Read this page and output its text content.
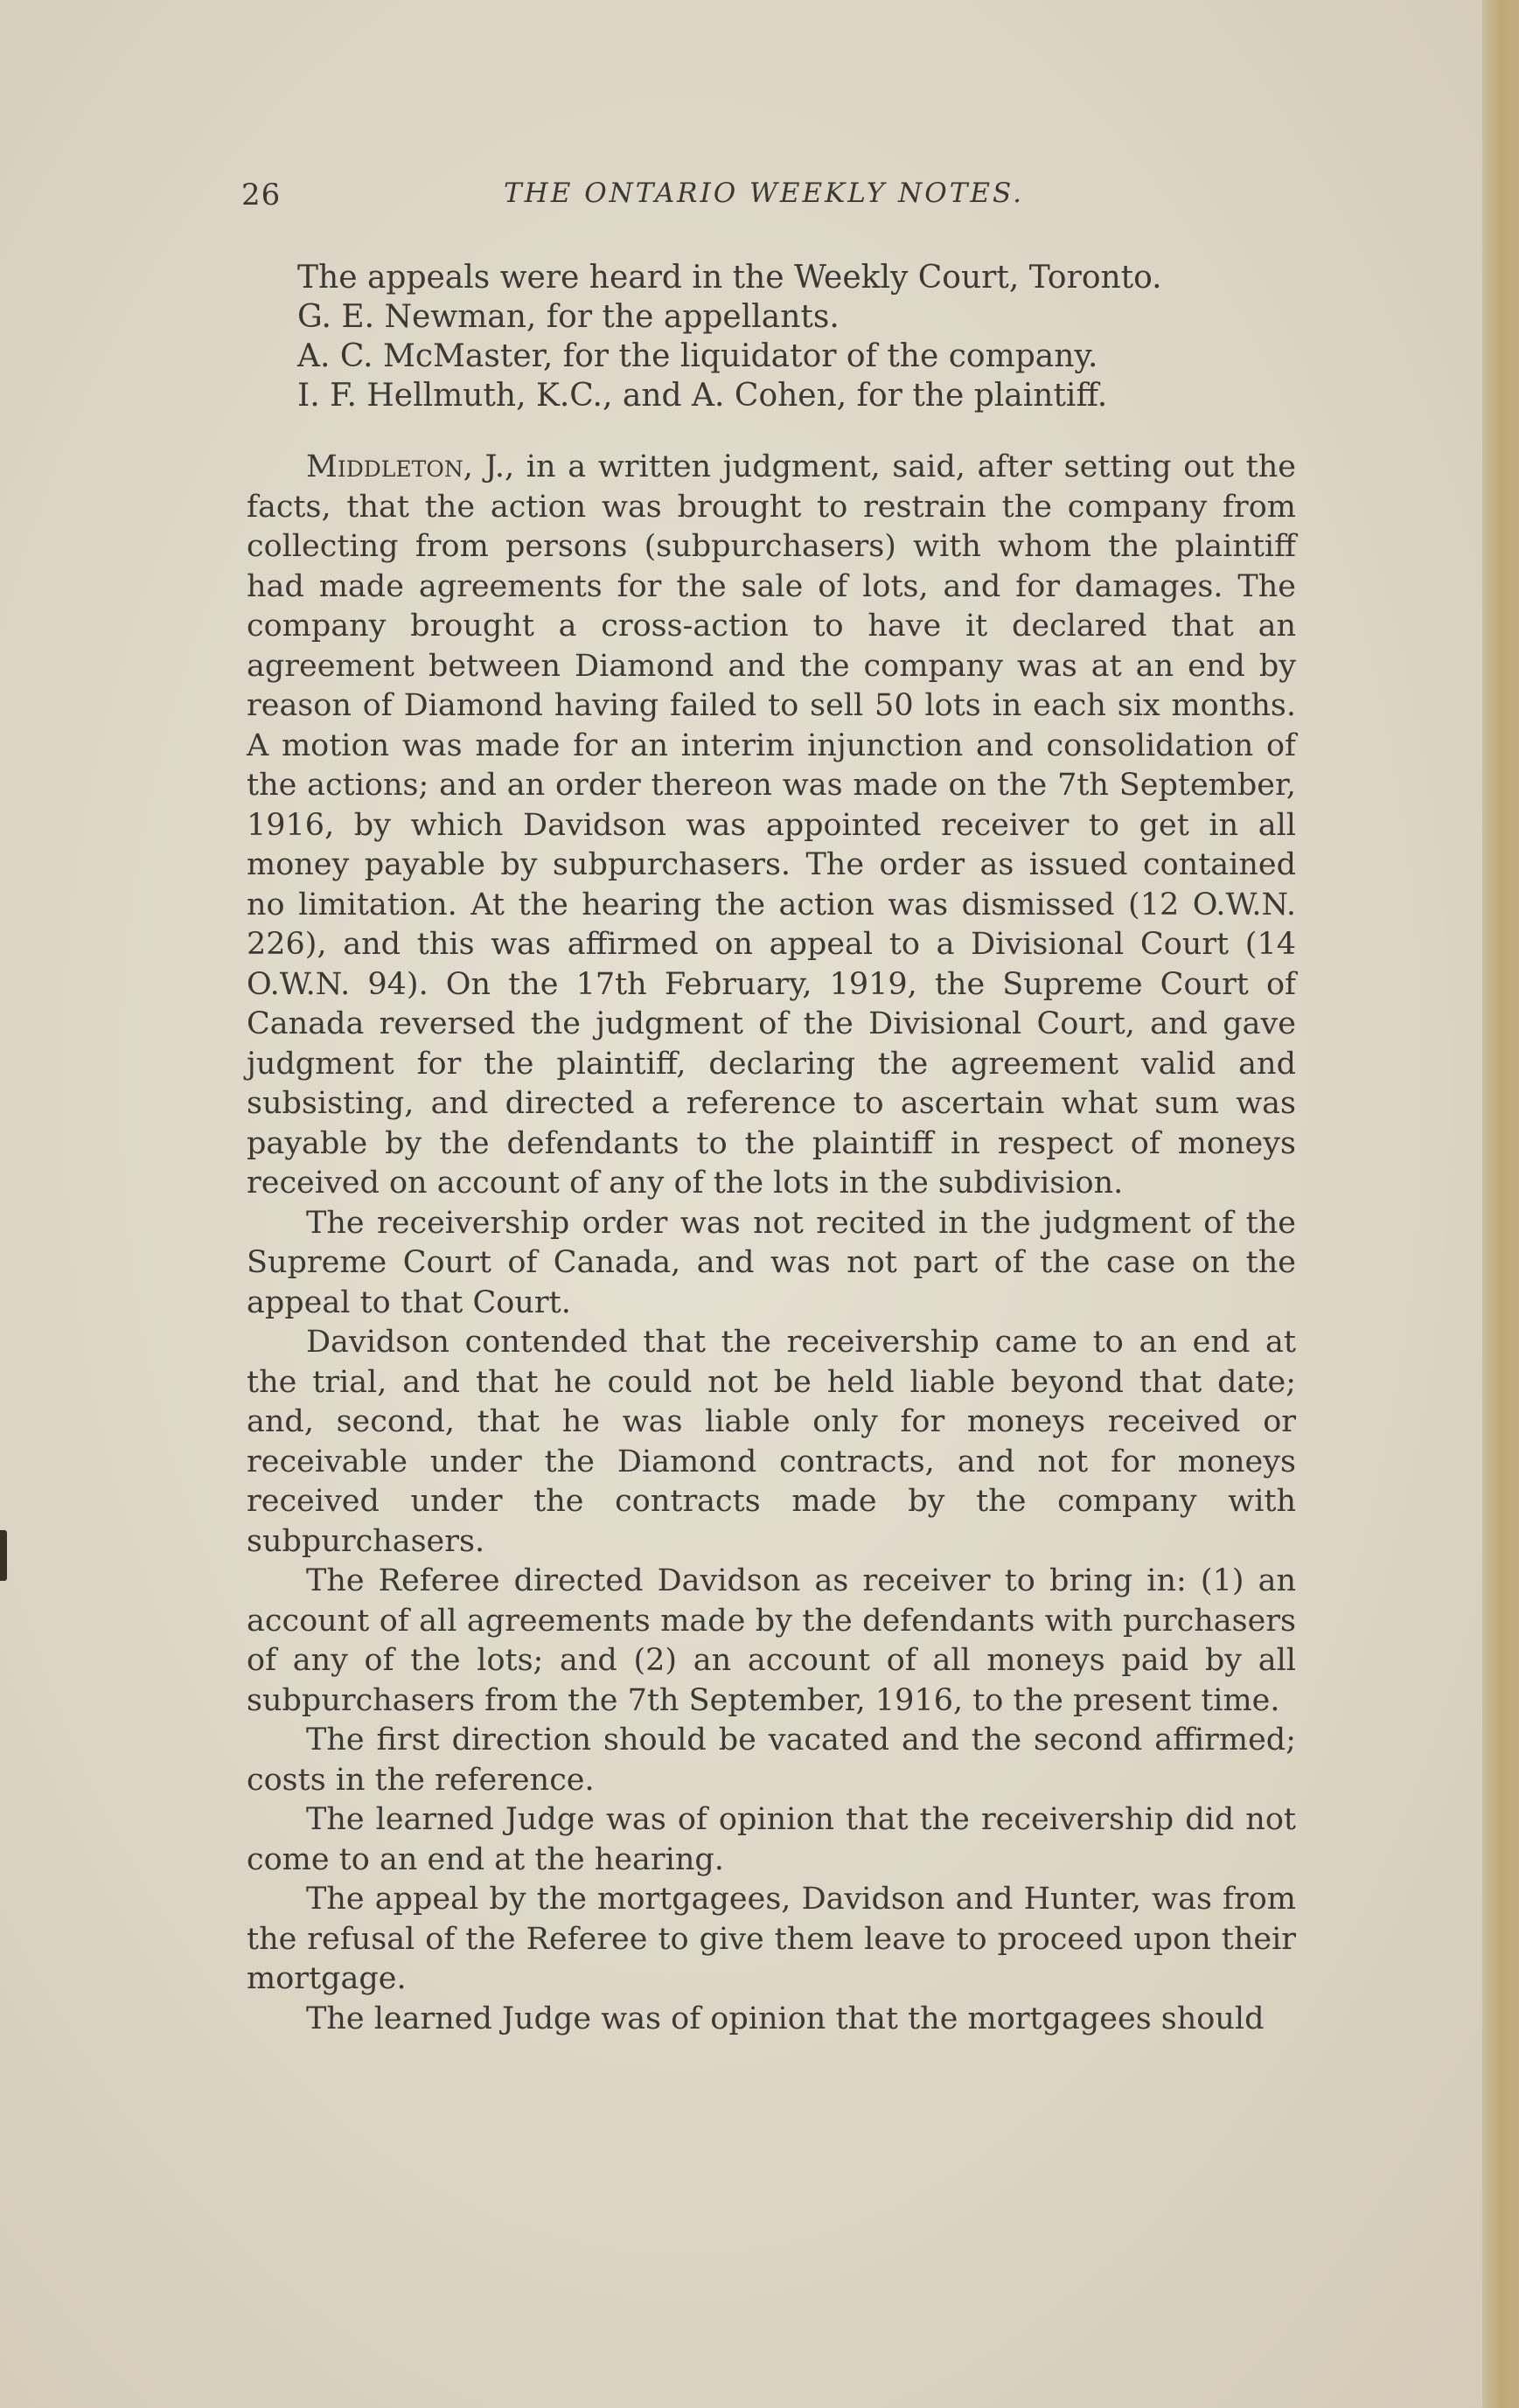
26	THE ONTARIO WEEKLY NOTES.
The appeals were heard in the Weekly Court, Toronto.
G. E. Newman, for the appellants.
A. C. McMaster, for the liquidator of the company.
I. F. Hellmuth, K.C., and A. Cohen, for the plaintiff.

Middleton, J., in a written judgment, said, after setting out the facts, that the action was brought to restrain the company from collecting from persons (subpurchasers) with whom the plaintiff had made agreements for the sale of lots, and for damages. The company brought a cross-action to have it declared that an agreement between Diamond and the company was at an end by reason of Diamond having failed to sell 50 lots in each six months. A motion was made for an interim injunction and consolidation of the actions; and an order thereon was made on the 7th September, 1916, by which Davidson was appointed receiver to get in all money payable by subpurchasers. The order as issued contained no limitation. At the hearing the action was dismissed (12 O.W.N. 226), and this was affirmed on appeal to a Divisional Court (14 O.W.N. 94). On the 17th February, 1919, the Supreme Court of Canada reversed the judgment of the Divisional Court, and gave judgment for the plaintiff, declaring the agreement valid and subsisting, and directed a reference to ascertain what sum was payable by the defendants to the plaintiff in respect of moneys received on account of any of the lots in the subdivision.

The receivership order was not recited in the judgment of the Supreme Court of Canada, and was not part of the case on the appeal to that Court.

Davidson contended that the receivership came to an end at the trial, and that he could not be held liable beyond that date; and, second, that he was liable only for moneys received or receivable under the Diamond contracts, and not for moneys received under the contracts made by the company with subpurchasers.

The Referee directed Davidson as receiver to bring in: (1) an account of all agreements made by the defendants with purchasers of any of the lots; and (2) an account of all moneys paid by all subpurchasers from the 7th September, 1916, to the present time.

The first direction should be vacated and the second affirmed; costs in the reference.

The learned Judge was of opinion that the receivership did not come to an end at the hearing.

The appeal by the mortgagees, Davidson and Hunter, was from the refusal of the Referee to give them leave to proceed upon their mortgage.

The learned Judge was of opinion that the mortgagees should
